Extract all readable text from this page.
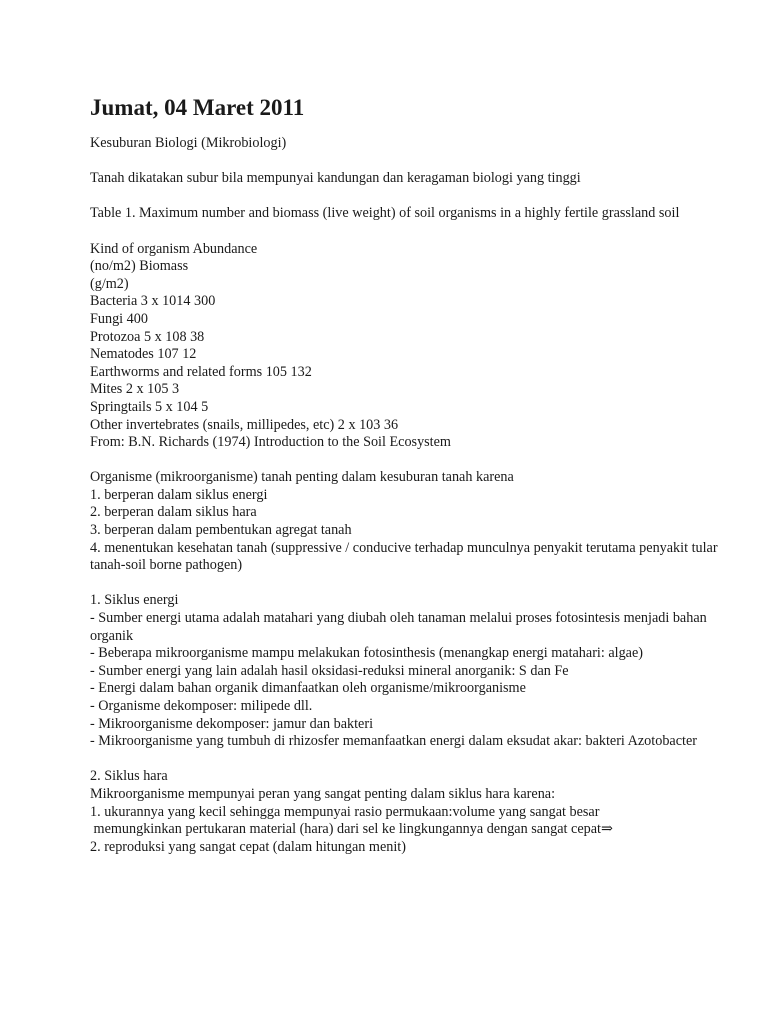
Jumat, 04 Maret 2011
Kesuburan Biologi (Mikrobiologi)
Tanah dikatakan subur bila mempunyai kandungan dan keragaman biologi yang tinggi
Table 1. Maximum number and biomass (live weight) of soil organisms in a highly fertile grassland soil
Kind of organism Abundance
(no/m2) Biomass
(g/m2)
Bacteria 3 x 1014 300
Fungi 400
Protozoa 5 x 108 38
Nematodes 107 12
Earthworms and related forms 105 132
Mites 2 x 105 3
Springtails 5 x 104 5
Other invertebrates (snails, millipedes, etc) 2 x 103 36
From: B.N. Richards (1974) Introduction to the Soil Ecosystem
Organisme (mikroorganisme) tanah penting dalam kesuburan tanah karena
1. berperan dalam siklus energi
2. berperan dalam siklus hara
3. berperan dalam pembentukan agregat tanah
4. menentukan kesehatan tanah (suppressive / conducive terhadap munculnya penyakit terutama penyakit tular tanah-soil borne pathogen)
1. Siklus energi
- Sumber energi utama adalah matahari yang diubah oleh tanaman melalui proses fotosintesis menjadi bahan organik
- Beberapa mikroorganisme mampu melakukan fotosinthesis (menangkap energi matahari: algae)
- Sumber energi yang lain adalah hasil oksidasi-reduksi mineral anorganik: S dan Fe
- Energi dalam bahan organik dimanfaatkan oleh organisme/mikroorganisme
- Organisme dekomposer: milipede dll.
- Mikroorganisme dekomposer: jamur dan bakteri
- Mikroorganisme yang tumbuh di rhizosfer memanfaatkan energi dalam eksudat akar: bakteri Azotobacter
2. Siklus hara
Mikroorganisme mempunyai peran yang sangat penting dalam siklus hara karena:
1. ukurannya yang kecil sehingga mempunyai rasio permukaan:volume yang sangat besar
memungkinkan pertukaran material (hara) dari sel ke lingkungannya dengan sangat cepat⇒
2. reproduksi yang sangat cepat (dalam hitungan menit)
